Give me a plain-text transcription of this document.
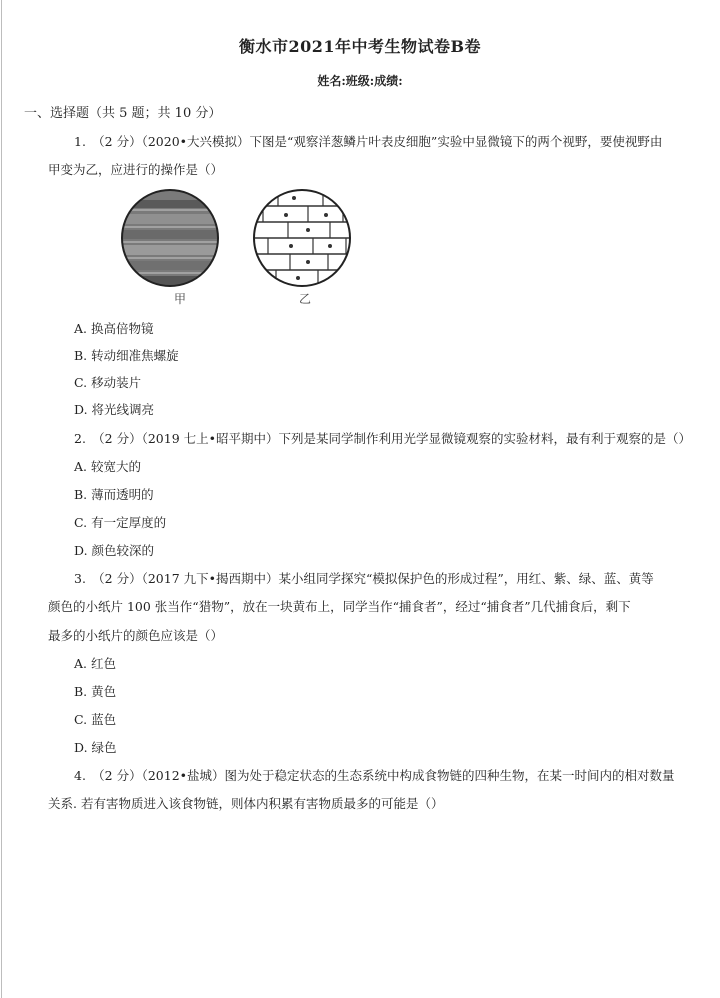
衡水市2021年中考生物试卷B卷
姓名:班级:成绩:
一、选择题（共 5 题；共 10 分）
1.　（2 分）（2020•大兴模拟）下图是“观察洋葱鳞片叶表皮细胞”实验中显微镜下的两个视野，要使视野由
甲变为乙，应进行的操作是（）
甲	乙
A. 换高倍物镜
B. 转动细准焦螺旋
C. 移动装片
D. 将光线调亮
2.　（2 分）（2019 七上•昭平期中）下列是某同学制作利用光学显微镜观察的实验材料，最有利于观察的是（）
A. 较宽大的
B. 薄而透明的
C. 有一定厚度的
D. 颜色较深的
3.　（2 分）（2017 九下•揭西期中）某小组同学探究“模拟保护色的形成过程”，用红、紫、绿、蓝、黄等
颜色的小纸片 100 张当作“猎物”，放在一块黄布上，同学当作“捕食者”，经过“捕食者”几代捕食后，剩下
最多的小纸片的颜色应该是（）
A. 红色
B. 黄色
C. 蓝色
D. 绿色
4.　（2 分）（2012•盐城）图为处于稳定状态的生态系统中构成食物链的四种生物，在某一时间内的相对数量
关系. 若有害物质进入该食物链，则体内积累有害物质最多的可能是（）
